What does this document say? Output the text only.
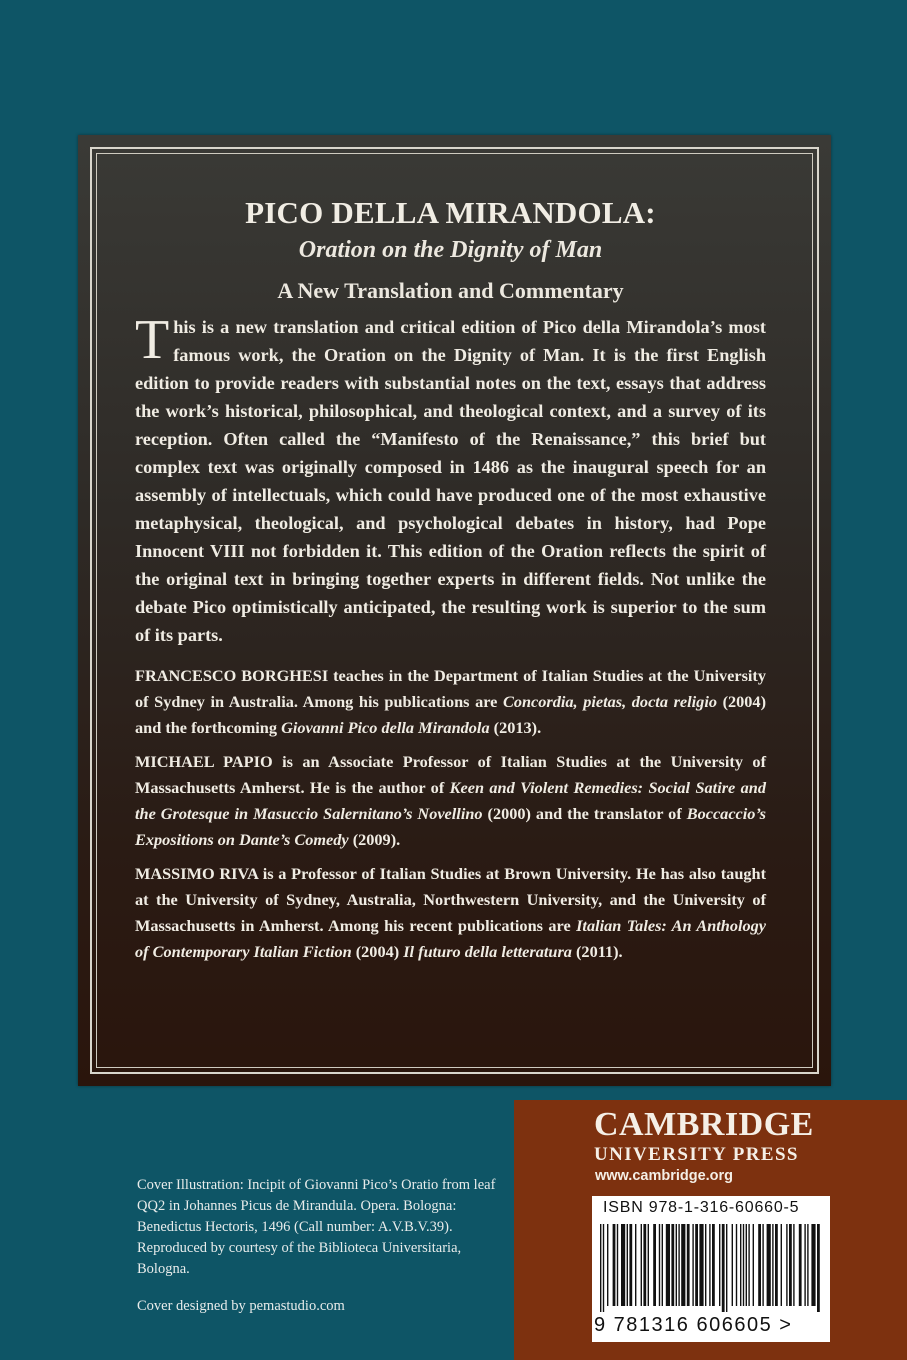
PICO DELLA MIRANDOLA:
Oration on the Dignity of Man
A New Translation and Commentary

This is a new translation and critical edition of Pico della Mirandola’s most famous work, the Oration on the Dignity of Man. It is the first English edition to provide readers with substantial notes on the text, essays that address the work’s historical, philosophical, and theological context, and a survey of its reception. Often called the “Manifesto of the Renaissance,” this brief but complex text was originally composed in 1486 as the inaugural speech for an assembly of intellectuals, which could have produced one of the most exhaustive metaphysical, theological, and psychological debates in history, had Pope Innocent VIII not forbidden it. This edition of the Oration reflects the spirit of the original text in bringing together experts in different fields. Not unlike the debate Pico optimistically anticipated, the resulting work is superior to the sum of its parts.

FRANCESCO BORGHESI teaches in the Department of Italian Studies at the University of Sydney in Australia. Among his publications are Concordia, pietas, docta religio (2004) and the forthcoming Giovanni Pico della Mirandola (2013).

MICHAEL PAPIO is an Associate Professor of Italian Studies at the University of Massachusetts Amherst. He is the author of Keen and Violent Remedies: Social Satire and the Grotesque in Masuccio Salernitano’s Novellino (2000) and the translator of Boccaccio’s Expositions on Dante’s Comedy (2009).

MASSIMO RIVA is a Professor of Italian Studies at Brown University. He has also taught at the University of Sydney, Australia, Northwestern University, and the University of Massachusetts in Amherst. Among his recent publications are Italian Tales: An Anthology of Contemporary Italian Fiction (2004) Il futuro della letteratura (2011).

Cover Illustration: Incipit of Giovanni Pico’s Oratio from leaf QQ2 in Johannes Picus de Mirandula. Opera. Bologna: Benedictus Hectoris, 1496 (Call number: A.V.B.V.39). Reproduced by courtesy of the Biblioteca Universitaria, Bologna.

Cover designed by pemastudio.com
CAMBRIDGE
UNIVERSITY PRESS
www.cambridge.org
ISBN 978-1-316-60660-5
9 781316 606605 >
